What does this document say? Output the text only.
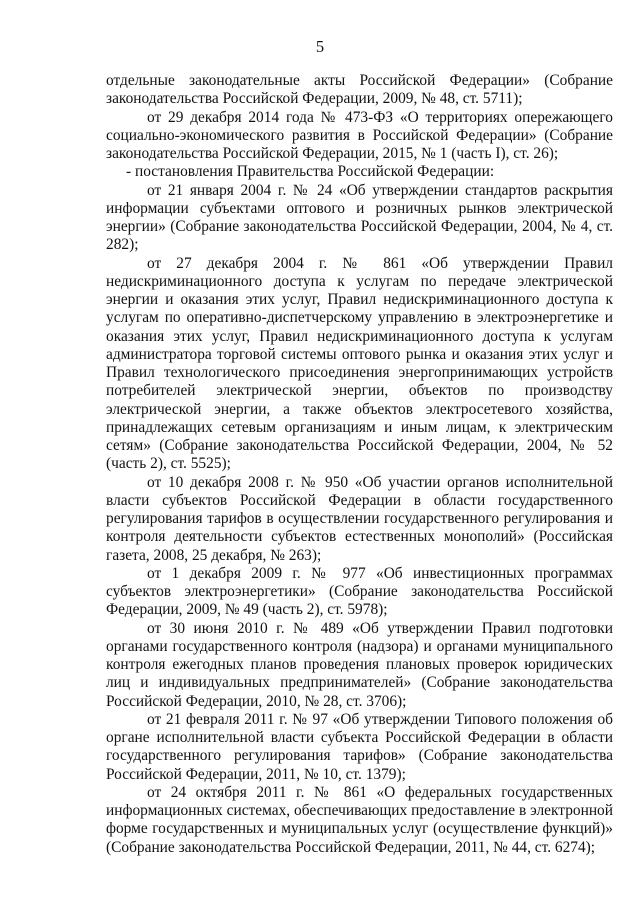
5

отдельные законодательные акты Российской Федерации» (Собрание законодательства Российской Федерации, 2009, № 48, ст. 5711);

от 29 декабря 2014 года № 473-ФЗ «О территориях опережающего социально-экономического развития в Российской Федерации» (Собрание законодательства Российской Федерации, 2015, № 1 (часть I), ст. 26);

- постановления Правительства Российской Федерации:

от 21 января 2004 г. № 24 «Об утверждении стандартов раскрытия информации субъектами оптового и розничных рынков электрической энергии» (Собрание законодательства Российской Федерации, 2004, № 4, ст. 282);

от 27 декабря 2004 г. № 861 «Об утверждении Правил недискриминационного доступа к услугам по передаче электрической энергии и оказания этих услуг, Правил недискриминационного доступа к услугам по оперативно-диспетчерскому управлению в электроэнергетике и оказания этих услуг, Правил недискриминационного доступа к услугам администратора торговой системы оптового рынка и оказания этих услуг и Правил технологического присоединения энергопринимающих устройств потребителей электрической энергии, объектов по производству электрической энергии, а также объектов электросетевого хозяйства, принадлежащих сетевым организациям и иным лицам, к электрическим сетям» (Собрание законодательства Российской Федерации, 2004, № 52 (часть 2), ст. 5525);

от 10 декабря 2008 г. № 950 «Об участии органов исполнительной власти субъектов Российской Федерации в области государственного регулирования тарифов в осуществлении государственного регулирования и контроля деятельности субъектов естественных монополий» (Российская газета, 2008, 25 декабря, № 263);

от 1 декабря 2009 г. № 977 «Об инвестиционных программах субъектов электроэнергетики» (Собрание законодательства Российской Федерации, 2009, № 49 (часть 2), ст. 5978);

от 30 июня 2010 г. № 489 «Об утверждении Правил подготовки органами государственного контроля (надзора) и органами муниципального контроля ежегодных планов проведения плановых проверок юридических лиц и индивидуальных предпринимателей» (Собрание законодательства Российской Федерации, 2010, № 28, ст. 3706);

от 21 февраля 2011 г. № 97 «Об утверждении Типового положения об органе исполнительной власти субъекта Российской Федерации в области государственного регулирования тарифов» (Собрание законодательства Российской Федерации, 2011, № 10, ст. 1379);

от 24 октября 2011 г. № 861 «О федеральных государственных информационных системах, обеспечивающих предоставление в электронной форме государственных и муниципальных услуг (осуществление функций)» (Собрание законодательства Российской Федерации, 2011, № 44, ст. 6274);
